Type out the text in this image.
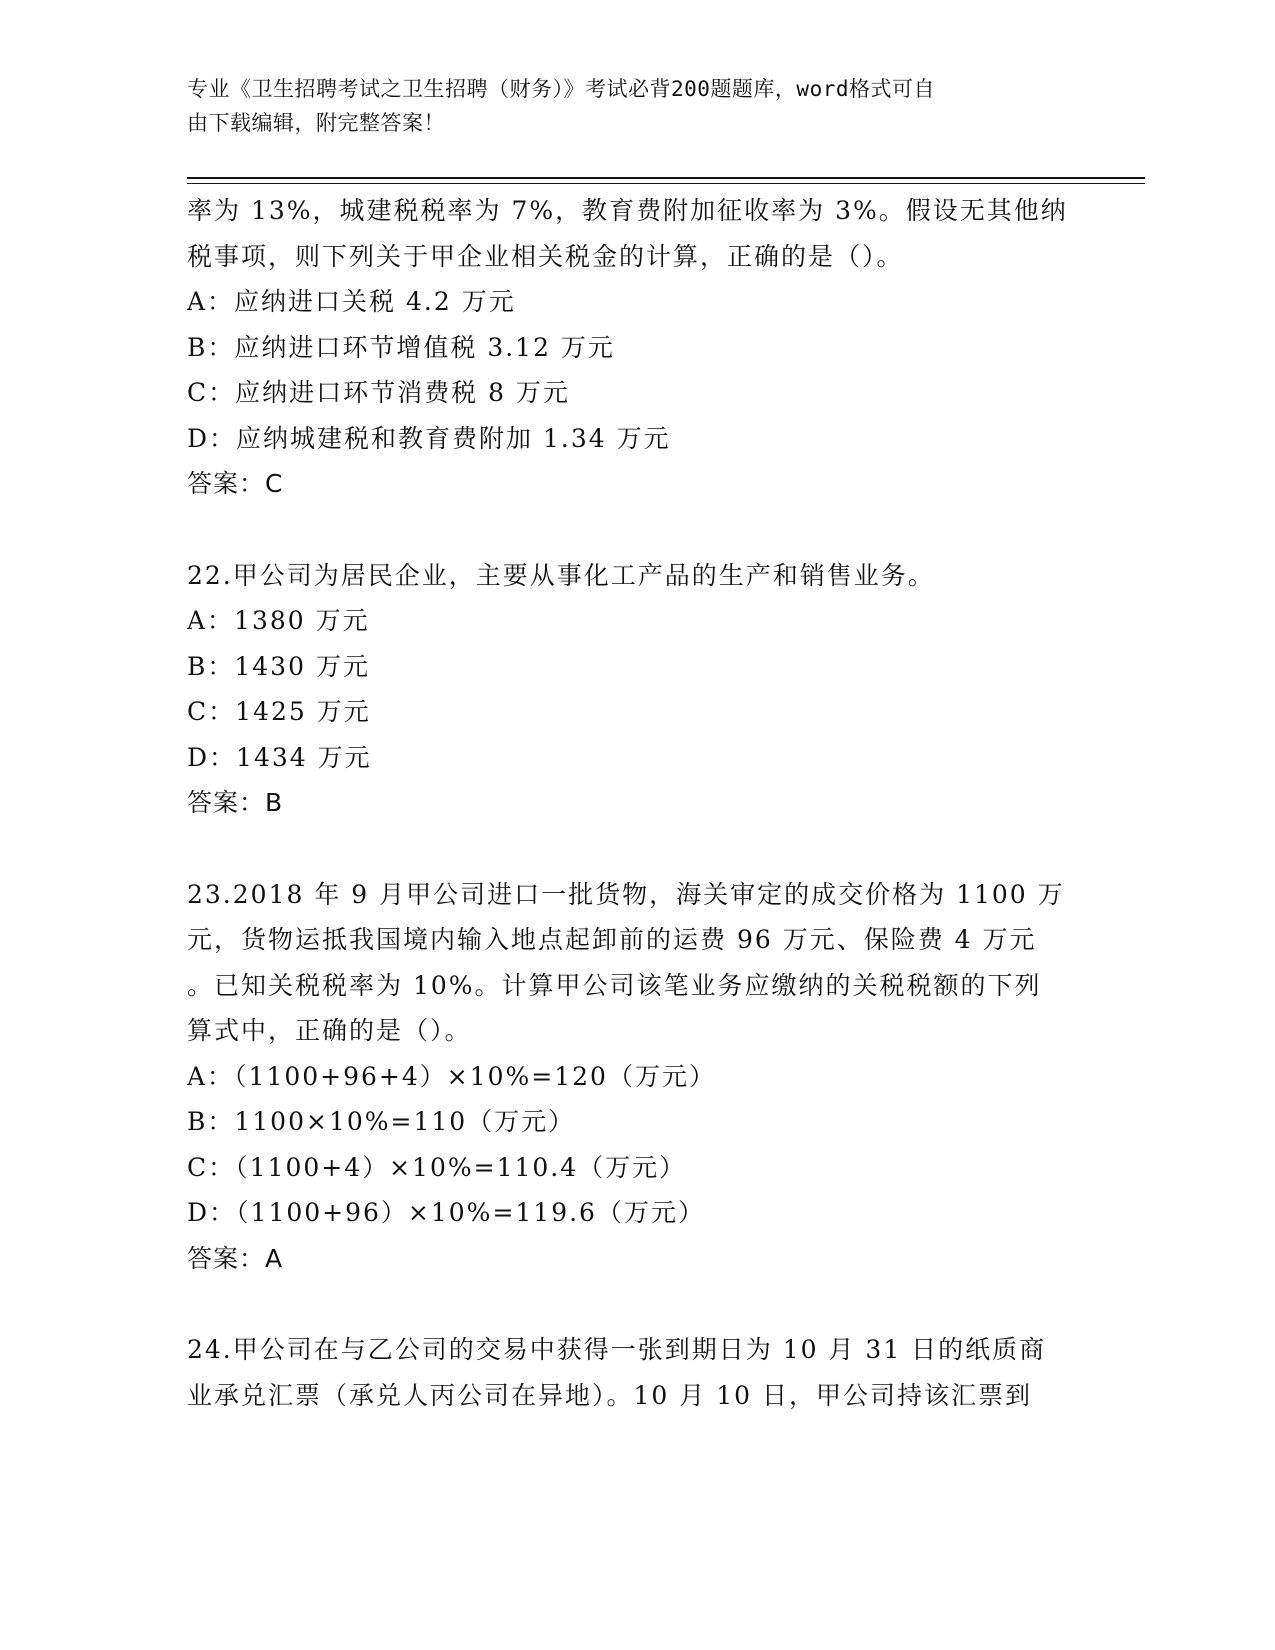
专业《卫生招聘考试之卫生招聘（财务）》考试必背200题题库，word格式可自
由下载编辑，附完整答案！
率为 13%，城建税税率为 7%，教育费附加征收率为 3%。假设无其他纳
税事项，则下列关于甲企业相关税金的计算，正确的是（）。
A：应纳进口关税 4.2 万元
B：应纳进口环节增值税 3.12 万元
C：应纳进口环节消费税 8 万元
D：应纳城建税和教育费附加 1.34 万元
答案：C
22.甲公司为居民企业，主要从事化工产品的生产和销售业务。
A：1380 万元
B：1430 万元
C：1425 万元
D：1434 万元
答案：B
23.2018 年 9 月甲公司进口一批货物，海关审定的成交价格为 1100 万
元，货物运抵我国境内输入地点起卸前的运费 96 万元、保险费 4 万元
。已知关税税率为 10%。计算甲公司该笔业务应缴纳的关税税额的下列
算式中，正确的是（）。
A：（1100+96+4）×10%=120（万元）
B：1100×10%=110（万元）
C：（1100+4）×10%=110.4（万元）
D：（1100+96）×10%=119.6（万元）
答案：A
24.甲公司在与乙公司的交易中获得一张到期日为 10 月 31 日的纸质商
业承兑汇票（承兑人丙公司在异地）。10 月 10 日，甲公司持该汇票到
